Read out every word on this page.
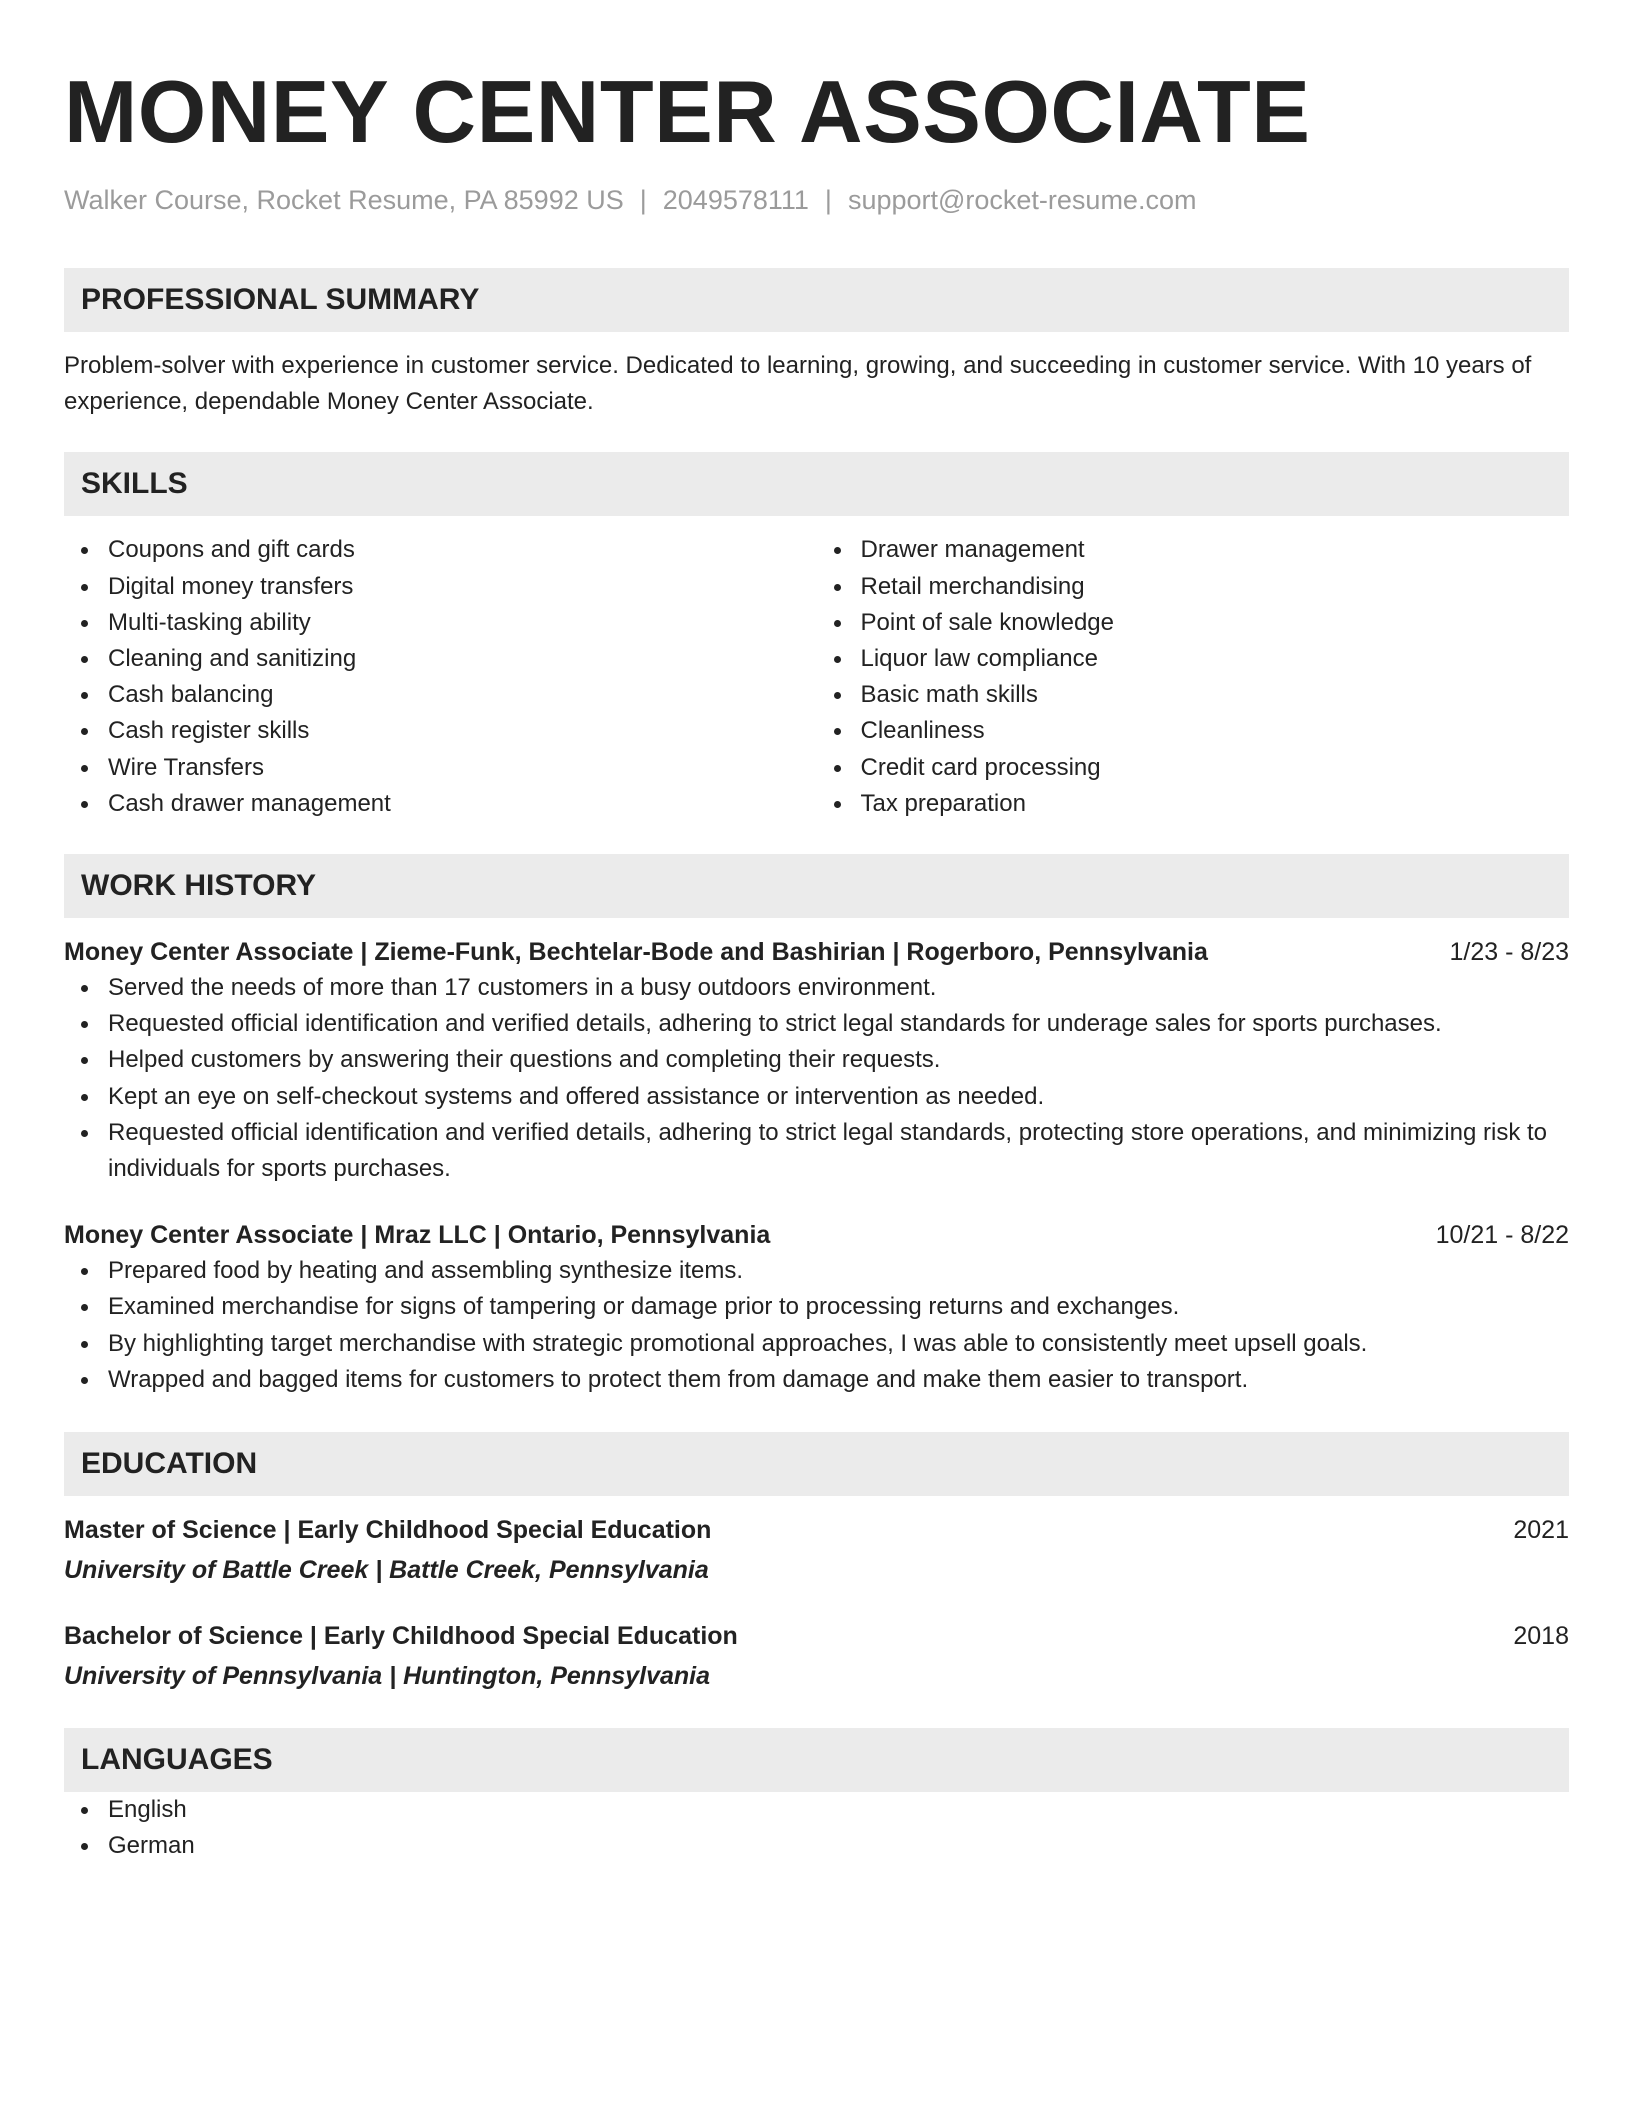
MONEY CENTER ASSOCIATE
Walker Course, Rocket Resume, PA 85992 US | 2049578111 | support@rocket-resume.com
PROFESSIONAL SUMMARY
Problem-solver with experience in customer service. Dedicated to learning, growing, and succeeding in customer service. With 10 years of experience, dependable Money Center Associate.
SKILLS
Coupons and gift cards
Digital money transfers
Multi-tasking ability
Cleaning and sanitizing
Cash balancing
Cash register skills
Wire Transfers
Cash drawer management
Drawer management
Retail merchandising
Point of sale knowledge
Liquor law compliance
Basic math skills
Cleanliness
Credit card processing
Tax preparation
WORK HISTORY
Money Center Associate | Zieme-Funk, Bechtelar-Bode and Bashirian | Rogerboro, Pennsylvania	1/23 - 8/23
Served the needs of more than 17 customers in a busy outdoors environment.
Requested official identification and verified details, adhering to strict legal standards for underage sales for sports purchases.
Helped customers by answering their questions and completing their requests.
Kept an eye on self-checkout systems and offered assistance or intervention as needed.
Requested official identification and verified details, adhering to strict legal standards, protecting store operations, and minimizing risk to individuals for sports purchases.
Money Center Associate | Mraz LLC | Ontario, Pennsylvania	10/21 - 8/22
Prepared food by heating and assembling synthesize items.
Examined merchandise for signs of tampering or damage prior to processing returns and exchanges.
By highlighting target merchandise with strategic promotional approaches, I was able to consistently meet upsell goals.
Wrapped and bagged items for customers to protect them from damage and make them easier to transport.
EDUCATION
Master of Science | Early Childhood Special Education	2021
University of Battle Creek | Battle Creek, Pennsylvania
Bachelor of Science | Early Childhood Special Education	2018
University of Pennsylvania | Huntington, Pennsylvania
LANGUAGES
English
German
